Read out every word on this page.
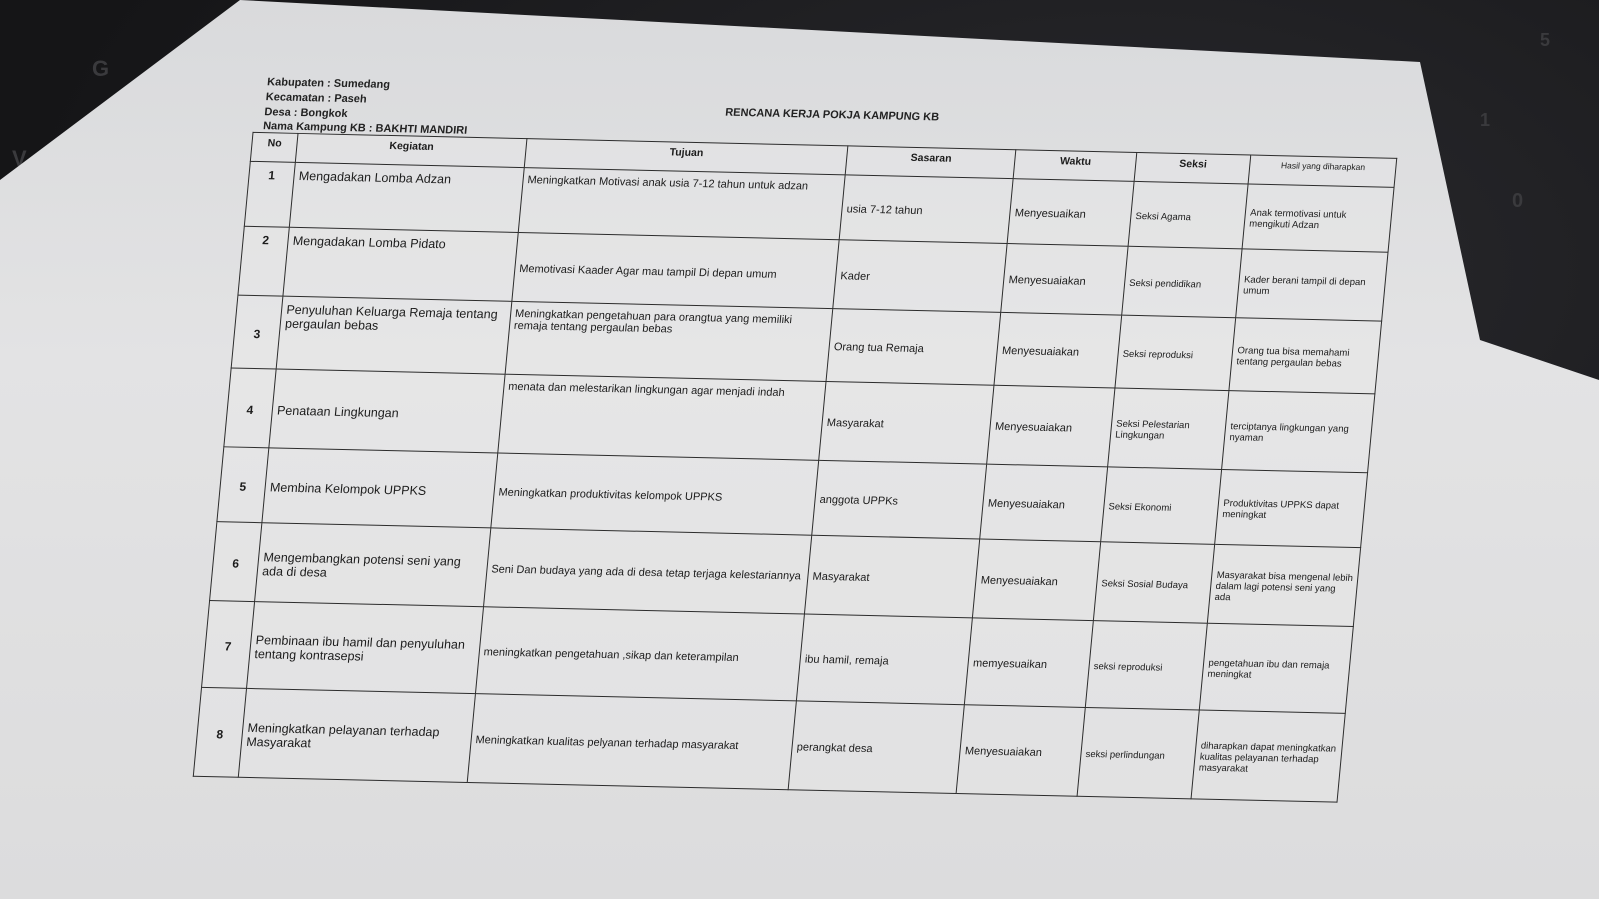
G
V
1
5
0
Kabupaten : Sumedang
Kecamatan : Paseh
Desa : Bongkok
Nama Kampung KB : BAKHTI MANDIRI
RENCANA KERJA POKJA KAMPUNG KB
No	Kegiatan	Tujuan	Sasaran	Waktu	Seksi	Hasil yang diharapkan
1	Mengadakan Lomba Adzan	Meningkatkan Motivasi anak usia 7-12 tahun untuk adzan	usia 7-12 tahun	Menyesuaikan	Seksi Agama	Anak termotivasi untuk mengikuti Adzan
2	Mengadakan Lomba Pidato	Memotivasi Kaader Agar mau tampil Di depan umum	Kader	Menyesuaiakan	Seksi pendidikan	Kader berani tampil di depan umum
3	Penyuluhan Keluarga Remaja tentang pergaulan bebas	Meningkatkan pengetahuan para orangtua yang memiliki remaja tentang pergaulan bebas	Orang tua Remaja	Menyesuaiakan	Seksi reproduksi	Orang tua bisa memahami tentang pergaulan bebas
4	Penataan Lingkungan	menata dan melestarikan lingkungan agar menjadi indah	Masyarakat	Menyesuaiakan	Seksi Pelestarian Lingkungan	terciptanya lingkungan yang nyaman
5	Membina Kelompok UPPKS	Meningkatkan produktivitas kelompok UPPKS	anggota UPPKs	Menyesuaiakan	Seksi Ekonomi	Produktivitas UPPKS dapat meningkat
6	Mengembangkan potensi seni yang ada di desa	Seni Dan budaya yang ada di desa tetap terjaga kelestariannya	Masyarakat	Menyesuaiakan	Seksi Sosial Budaya	Masyarakat bisa mengenal lebih dalam lagi potensi seni yang ada
7	Pembinaan ibu hamil dan penyuluhan tentang kontrasepsi	meningkatkan pengetahuan ,sikap dan keterampilan	ibu hamil, remaja	memyesuaikan	seksi reproduksi	pengetahuan ibu dan remaja meningkat
8	Meningkatkan pelayanan terhadap Masyarakat	Meningkatkan kualitas pelyanan terhadap masyarakat	perangkat desa	Menyesuaiakan	seksi perlindungan	diharapkan dapat meningkatkan kualitas pelayanan terhadap masyarakat
